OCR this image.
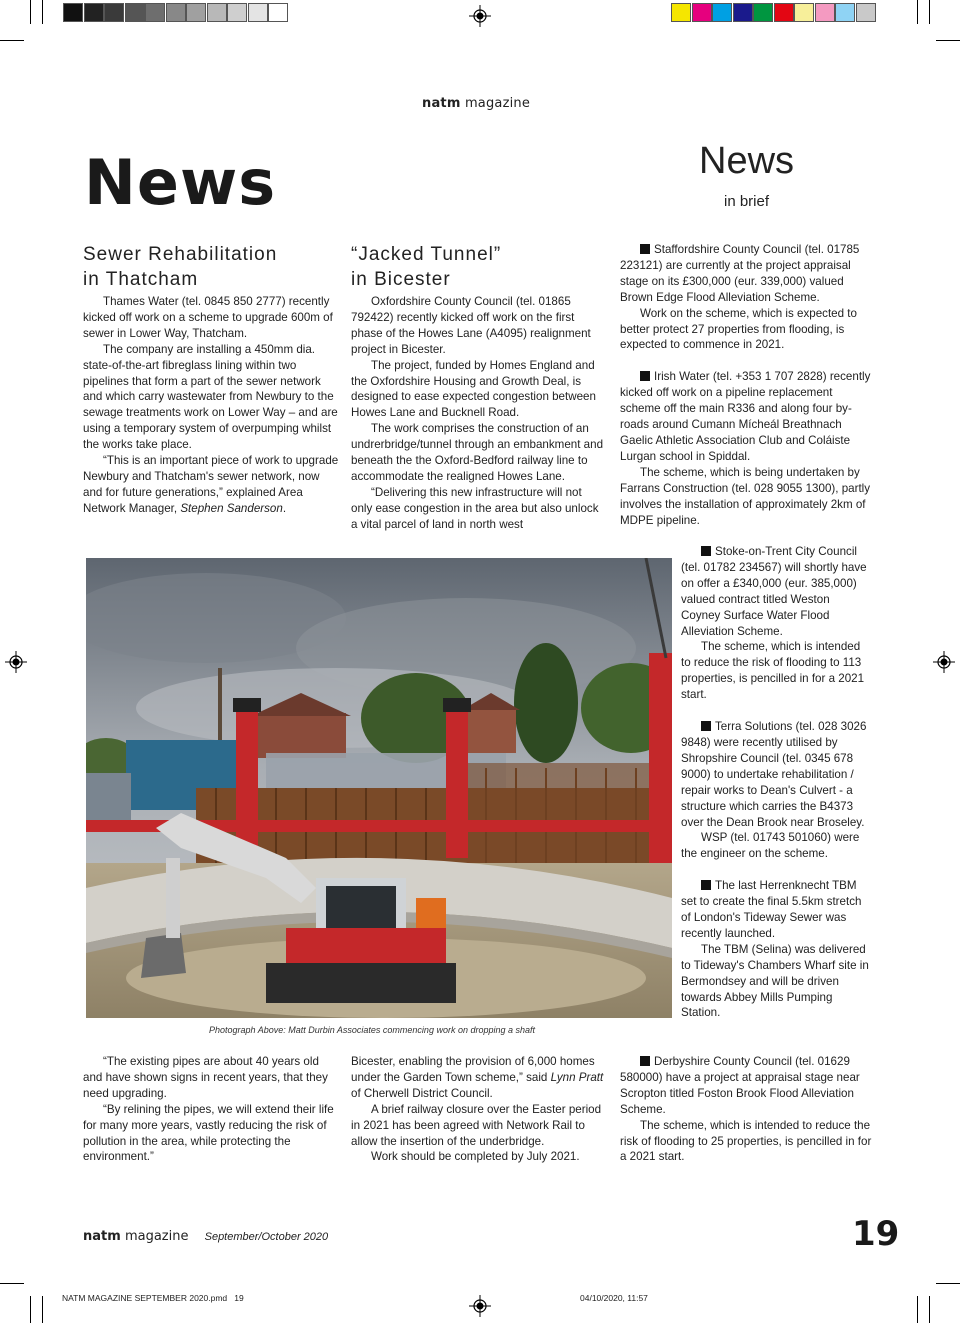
natm magazine
News	News
in brief
Sewer Rehabilitation
in Thatcham

Thames Water (tel. 0845 850 2777) recently kicked off work on a scheme to upgrade 600m of sewer in Lower Way, Thatcham.

The company are installing a 450mm dia. state-of-the-art fibreglass lining within two pipelines that form a part of the sewer network and which carry wastewater from Newbury to the sewage treatments work on Lower Way – and are using a temporary system of overpumping whilst the works take place.

“This is an important piece of work to upgrade Newbury and Thatcham's sewer network, now and for future generations,” explained Area Network Manager, Stephen Sanderson.

“Jacked Tunnel”
in Bicester

Oxfordshire County Council (tel. 01865 792422) recently kicked off work on the first phase of the Howes Lane (A4095) realignment project in Bicester.

The project, funded by Homes England and the Oxfordshire Housing and Growth Deal, is designed to ease expected congestion between Howes Lane and Bucknell Road.

The work comprises the construction of an undrerbridge/tunnel through an embankment and beneath the the Oxford-Bedford railway line to accommodate the realigned Howes Lane.

“Delivering this new infrastructure will not only ease congestion in the area but also unlock a vital parcel of land in north west

Staffordshire County Council (tel. 01785 223121) are currently at the project appraisal stage on its £300,000 (eur. 339,000) valued Brown Edge Flood Alleviation Scheme.

Work on the scheme, which is expected to better protect 27 properties from flooding, is expected to commence in 2021.

Irish Water (tel. +353 1 707 2828) recently kicked off work on a pipeline replacement scheme off the main R336 and along four by-roads around Cumann Mícheál Breathnach Gaelic Athletic Association Club and Coláiste Lurgan school in Spiddal.

The scheme, which is being undertaken by Farrans Construction (tel. 028 9055 1300), partly involves the installation of approximately 2km of MDPE pipeline.

Stoke-on-Trent City Council (tel. 01782 234567) will shortly have on offer a £340,000 (eur. 385,000) valued contract titled Weston Coyney Surface Water Flood Alleviation Scheme.

The scheme, which is intended to reduce the risk of flooding to 113 properties, is pencilled in for a 2021 start.

Terra Solutions (tel. 028 3026 9848) were recently utilised by Shropshire Council (tel. 0345 678 9000) to undertake rehabilitation / repair works to Dean's Culvert - a structure which carries the B4373 over the Dean Brook near Broseley.

WSP (tel. 01743 501060) were the engineer on the scheme.

The last Herrenknecht TBM set to create the final 5.5km stretch of London's Tideway Sewer was recently launched.

The TBM (Selina) was delivered to Tideway's Chambers Wharf site in Bermondsey and will be driven towards Abbey Mills Pumping Station.

Photograph Above: Matt Durbin Associates commencing work on dropping a shaft

“The existing pipes are about 40 years old and have shown signs in recent years, that they need upgrading.

“By relining the pipes, we will extend their life for many more years, vastly reducing the risk of pollution in the area, while protecting the environment.”

Bicester, enabling the provision of 6,000 homes under the Garden Town scheme,” said Lynn Pratt of Cherwell District Council.

A brief railway closure over the Easter period in 2021 has been agreed with Network Rail to allow the insertion of the underbridge.

Work should be completed by July 2021.

Derbyshire County Council (tel. 01629 580000) have a project at appraisal stage near Scropton titled Foston Brook Flood Alleviation Scheme.

The scheme, which is intended to reduce the risk of flooding to 25 properties, is pencilled in for a 2021 start.

natm magazine September/October 2020	19
NATM MAGAZINE SEPTEMBER 2020.pmd   19	04/10/2020, 11:57
